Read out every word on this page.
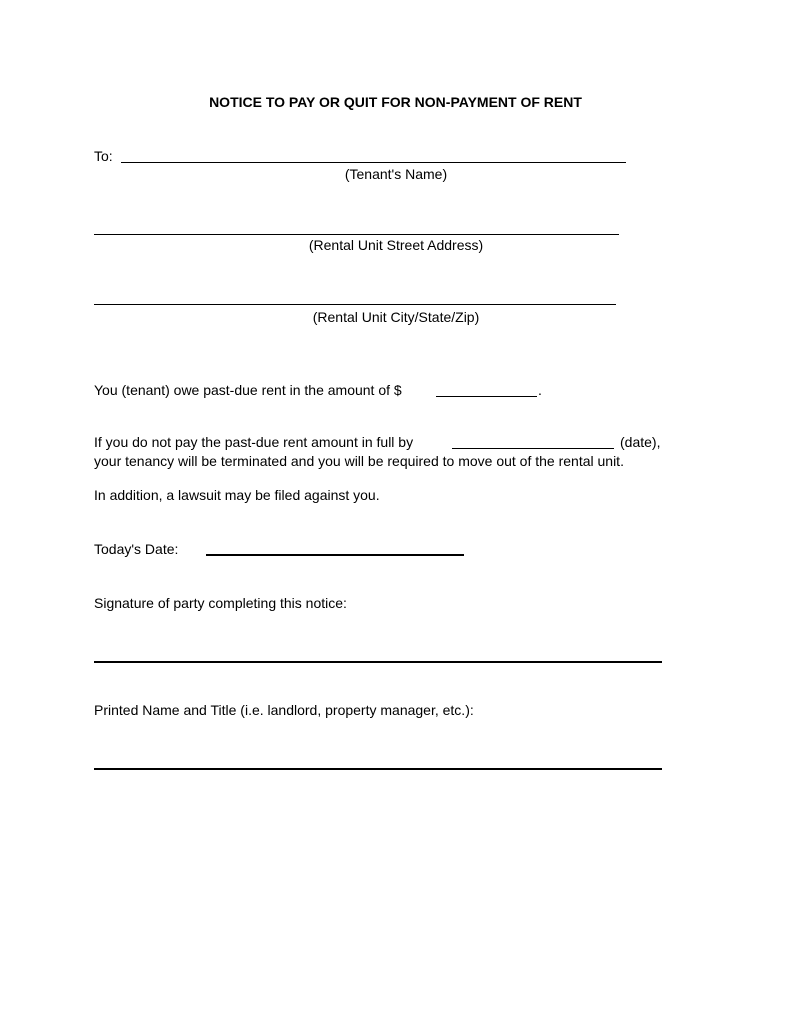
NOTICE TO PAY OR QUIT FOR NON-PAYMENT OF RENT
To:
(Tenant's Name)
(Rental Unit Street Address)
(Rental Unit City/State/Zip)
You (tenant) owe past-due rent in the amount of $	.
If you do not pay the past-due rent amount in full by	(date),
your tenancy will be terminated and you will be required to move out of the rental unit.
In addition, a lawsuit may be filed against you.
Today's Date:
Signature of party completing this notice:
Printed Name and Title (i.e. landlord, property manager, etc.):
